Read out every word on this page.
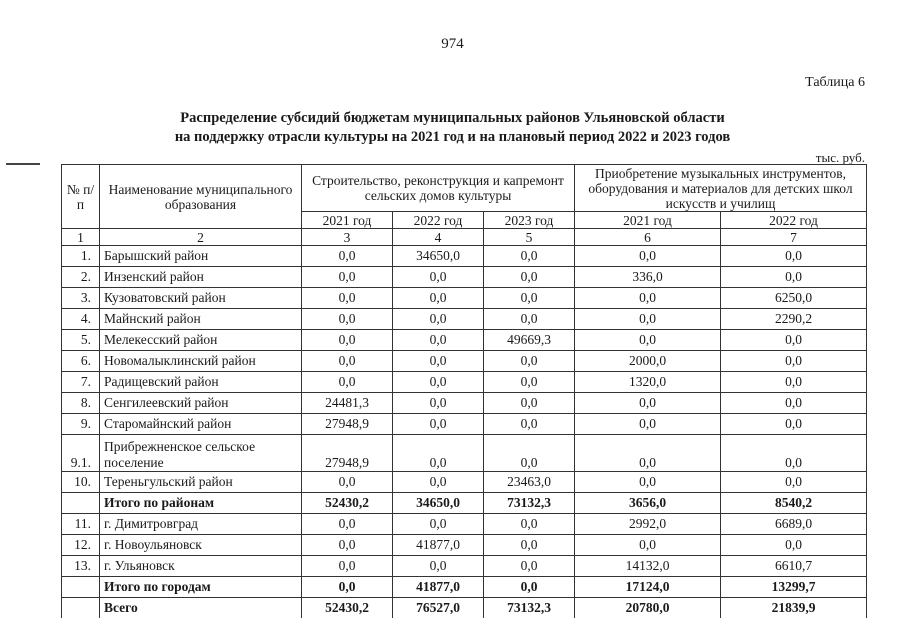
974
Таблица 6
Распределение субсидий бюджетам муниципальных районов Ульяновской области
на поддержку отрасли культуры на 2021 год и на плановый период 2022 и 2023 годов
тыс. руб.
№ п/п	Наименование муниципального образования	Строительство, реконструкция и капремонт сельских домов культуры			Приобретение музыкальных инструментов, оборудования и материалов для детских школ искусств и училищ	
		2021 год	2022 год	2023 год	2021 год	2022 год
1	2	3	4	5	6	7
1.	Барышский район	0,0	34650,0	0,0	0,0	0,0
2.	Инзенский район	0,0	0,0	0,0	336,0	0,0
3.	Кузоватовский район	0,0	0,0	0,0	0,0	6250,0
4.	Майнский район	0,0	0,0	0,0	0,0	2290,2
5.	Мелекесский район	0,0	0,0	49669,3	0,0	0,0
6.	Новомалыклинский район	0,0	0,0	0,0	2000,0	0,0
7.	Радищевский район	0,0	0,0	0,0	1320,0	0,0
8.	Сенгилеевский район	24481,3	0,0	0,0	0,0	0,0
9.	Старомайнский район	27948,9	0,0	0,0	0,0	0,0
9.1.	Прибрежненское сельское поселение	27948,9	0,0	0,0	0,0	0,0
10.	Тереньгульский район	0,0	0,0	23463,0	0,0	0,0
	Итого по районам	52430,2	34650,0	73132,3	3656,0	8540,2
11.	г. Димитровград	0,0	0,0	0,0	2992,0	6689,0
12.	г. Новоульяновск	0,0	41877,0	0,0	0,0	0,0
13.	г. Ульяновск	0,0	0,0	0,0	14132,0	6610,7
	Итого по городам	0,0	41877,0	0,0	17124,0	13299,7
	Всего	52430,2	76527,0	73132,3	20780,0	21839,9
